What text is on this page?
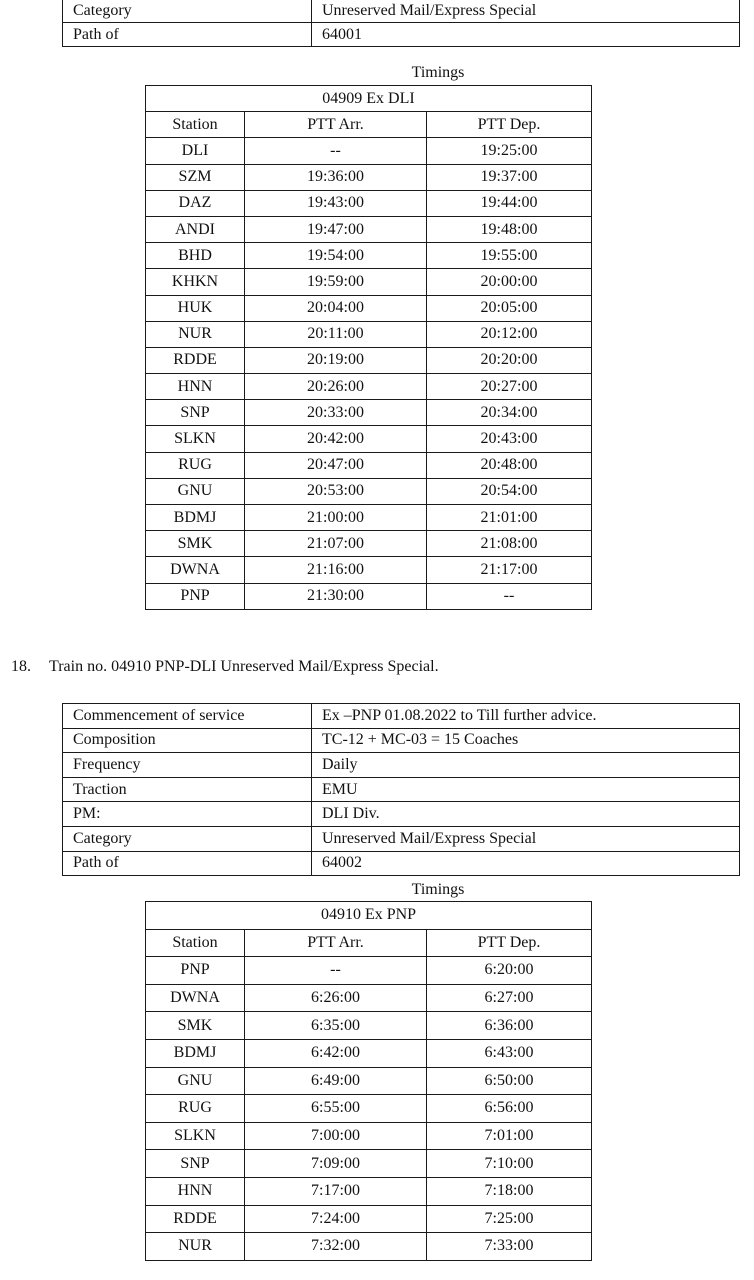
Category	Unreserved Mail/Express Special
Path of	64001
Timings
04909 Ex DLI		
Station	PTT Arr.	PTT Dep.
DLI	--	19:25:00
SZM	19:36:00	19:37:00
DAZ	19:43:00	19:44:00
ANDI	19:47:00	19:48:00
BHD	19:54:00	19:55:00
KHKN	19:59:00	20:00:00
HUK	20:04:00	20:05:00
NUR	20:11:00	20:12:00
RDDE	20:19:00	20:20:00
HNN	20:26:00	20:27:00
SNP	20:33:00	20:34:00
SLKN	20:42:00	20:43:00
RUG	20:47:00	20:48:00
GNU	20:53:00	20:54:00
BDMJ	21:00:00	21:01:00
SMK	21:07:00	21:08:00
DWNA	21:16:00	21:17:00
PNP	21:30:00	--
18. Train no. 04910 PNP-DLI Unreserved Mail/Express Special.
Commencement of service	Ex –PNP 01.08.2022 to Till further advice.
Composition	TC-12 + MC-03 = 15 Coaches
Frequency	Daily
Traction	EMU
PM:	DLI Div.
Category	Unreserved Mail/Express Special
Path of	64002
Timings
04910 Ex PNP		
Station	PTT Arr.	PTT Dep.
PNP	--	6:20:00
DWNA	6:26:00	6:27:00
SMK	6:35:00	6:36:00
BDMJ	6:42:00	6:43:00
GNU	6:49:00	6:50:00
RUG	6:55:00	6:56:00
SLKN	7:00:00	7:01:00
SNP	7:09:00	7:10:00
HNN	7:17:00	7:18:00
RDDE	7:24:00	7:25:00
NUR	7:32:00	7:33:00
